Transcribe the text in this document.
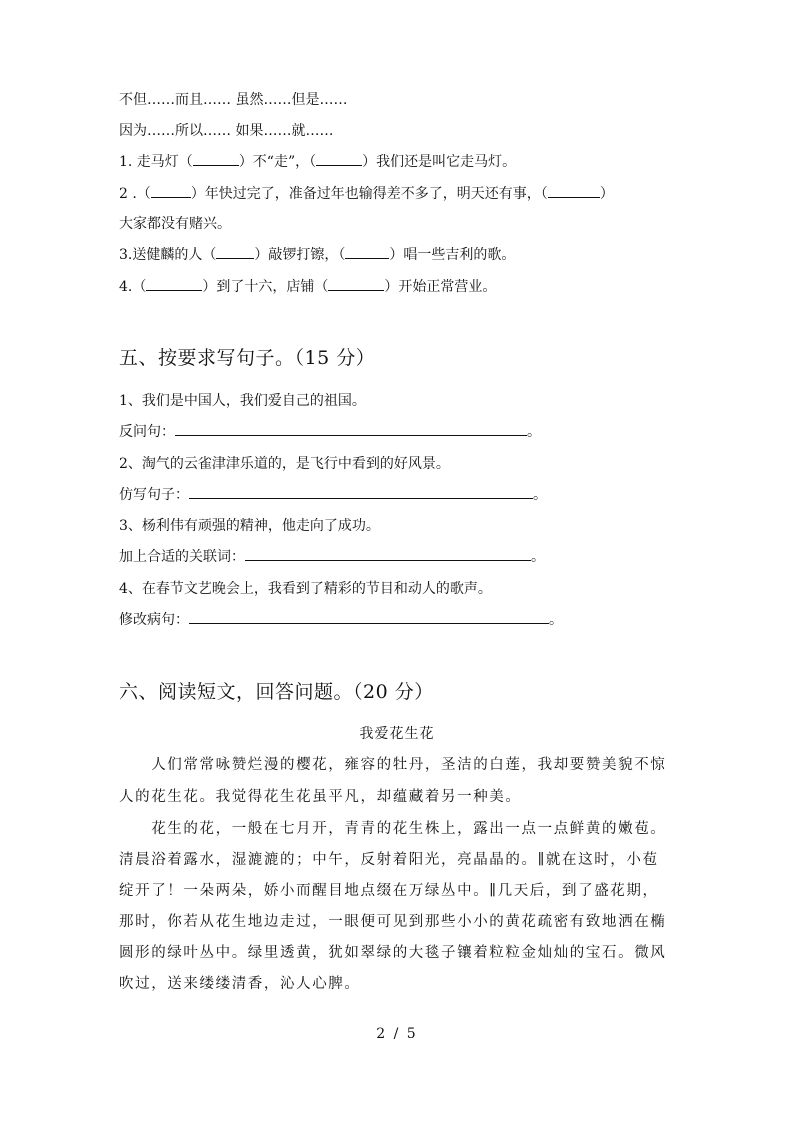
不但……而且…… 虽然……但是……
因为……所以…… 如果……就……
1. 走马灯（	）不“走”，（	）我们还是叫它走马灯。
2 .（	）年快过完了，准备过年也输得差不多了，明天还有事，（	）
大家都没有赌兴。
3.送健麟的人（	）敲锣打镲，（	）唱一些吉利的歌。
4.（	）到了十六，店铺（	）开始正常营业。
五、按要求写句子。（15 分）
1、我们是中国人，我们爱自己的祖国。
反问句：	。
2、淘气的云雀津津乐道的，是飞行中看到的好风景。
仿写句子：	。
3、杨利伟有顽强的精神，他走向了成功。
加上合适的关联词：	。
4、在春节文艺晚会上，我看到了精彩的节目和动人的歌声。
修改病句：	。
六、阅读短文，回答问题。（20 分）
我爱花生花
　　人们常常咏赞烂漫的樱花，雍容的牡丹，圣洁的白莲，我却要赞美貌不惊
人的花生花。我觉得花生花虽平凡，却蕴藏着另一种美。
　　花生的花，一般在七月开，青青的花生株上，露出一点一点鲜黄的嫩苞。
清晨浴着露水，湿漉漉的；中午，反射着阳光，亮晶晶的。∥就在这时，小苞
绽开了！一朵两朵，娇小而醒目地点缀在万绿丛中。∥几天后，到了盛花期，
那时，你若从花生地边走过，一眼便可见到那些小小的黄花疏密有致地洒在椭
圆形的绿叶丛中。绿里透黄，犹如翠绿的大毯子镶着粒粒金灿灿的宝石。微风
吹过，送来缕缕清香，沁人心脾。
2 / 5
